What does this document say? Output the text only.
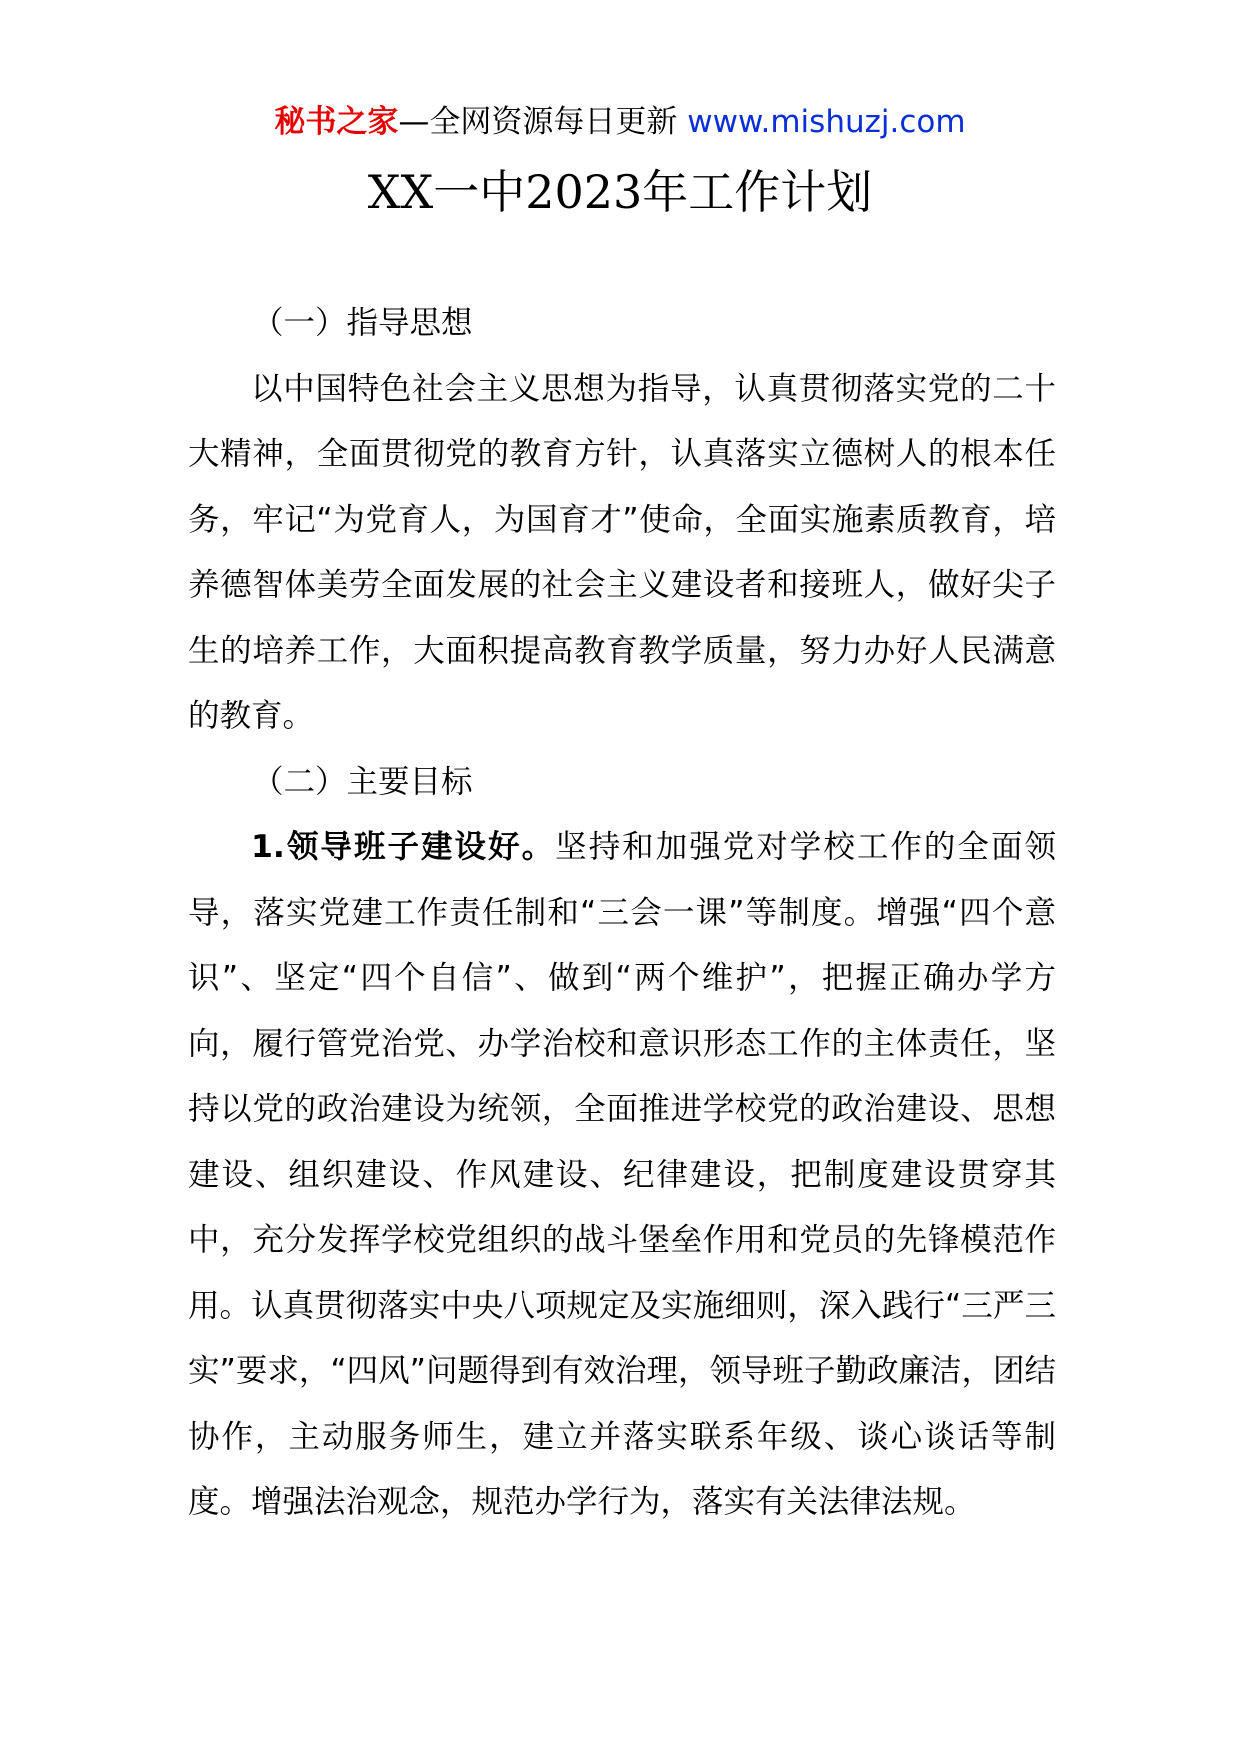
秘书之家—全网资源每日更新 www.mishuzj.com
XX一中2023年工作计划
（一）指导思想

以中国特色社会主义思想为指导，认真贯彻落实党的二十大精神，全面贯彻党的教育方针，认真落实立德树人的根本任务，牢记“为党育人，为国育才”使命，全面实施素质教育，培养德智体美劳全面发展的社会主义建设者和接班人，做好尖子生的培养工作，大面积提高教育教学质量，努力办好人民满意的教育。

（二）主要目标

1.领导班子建设好。坚持和加强党对学校工作的全面领导，落实党建工作责任制和“三会一课”等制度。增强“四个意识”、坚定“四个自信”、做到“两个维护”，把握正确办学方向，履行管党治党、办学治校和意识形态工作的主体责任，坚持以党的政治建设为统领，全面推进学校党的政治建设、思想建设、组织建设、作风建设、纪律建设，把制度建设贯穿其中，充分发挥学校党组织的战斗堡垒作用和党员的先锋模范作用。认真贯彻落实中央八项规定及实施细则，深入践行“三严三实”要求，“四风”问题得到有效治理，领导班子勤政廉洁，团结协作，主动服务师生，建立并落实联系年级、谈心谈话等制度。增强法治观念，规范办学行为，落实有关法律法规。
